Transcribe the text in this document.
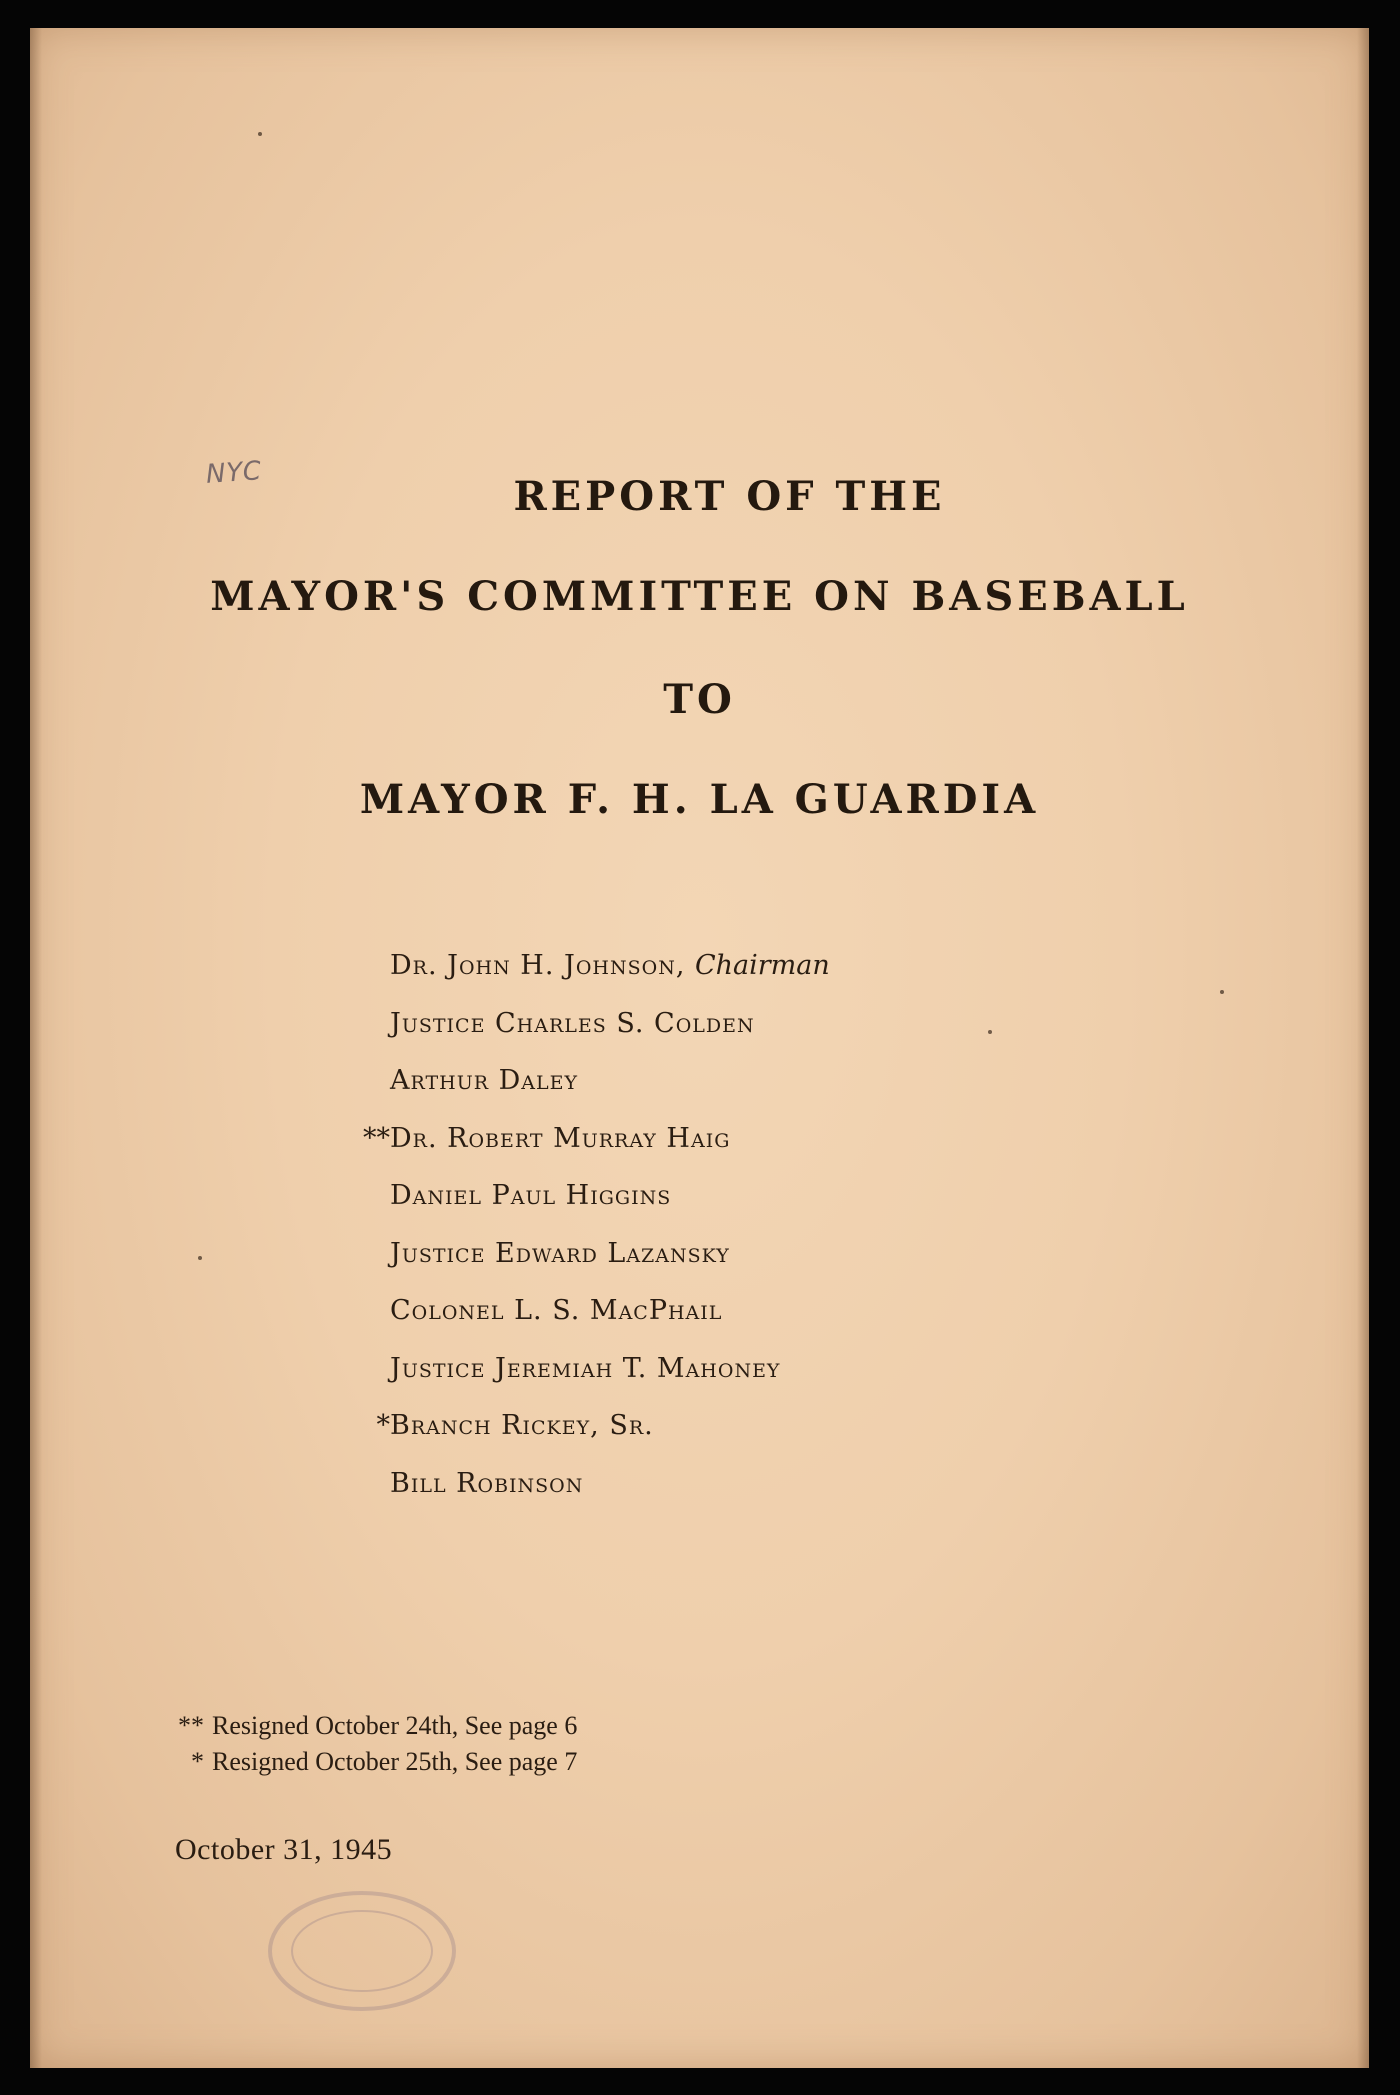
NYC	REPORT OF THE
MAYOR'S COMMITTEE ON BASEBALL
TO
MAYOR F. H. LA GUARDIA
Dr. John H. Johnson, Chairman
Justice Charles S. Colden
Arthur Daley
** Dr. Robert Murray Haig
Daniel Paul Higgins
Justice Edward Lazansky
Colonel L. S. MacPhail
Justice Jeremiah T. Mahoney
* Branch Rickey, Sr.
Bill Robinson
** Resigned October 24th, See page 6
* Resigned October 25th, See page 7
October 31, 1945
